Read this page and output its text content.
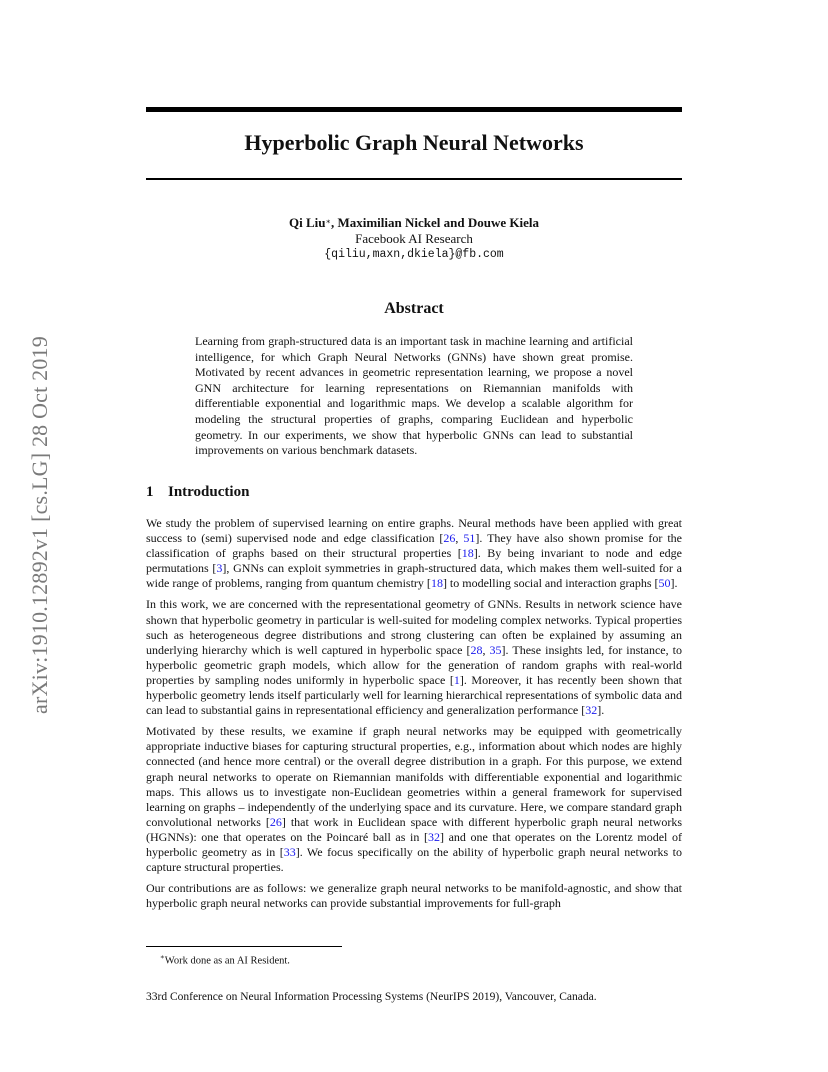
arXiv:1910.12892v1 [cs.LG] 28 Oct 2019
Hyperbolic Graph Neural Networks
Qi Liu∗, Maximilian Nickel and Douwe Kiela
Facebook AI Research
{qiliu,maxn,dkiela}@fb.com
Abstract
Learning from graph-structured data is an important task in machine learning and artificial intelligence, for which Graph Neural Networks (GNNs) have shown great promise. Motivated by recent advances in geometric representation learning, we propose a novel GNN architecture for learning representations on Riemannian manifolds with differentiable exponential and logarithmic maps. We develop a scalable algorithm for modeling the structural properties of graphs, comparing Euclidean and hyperbolic geometry. In our experiments, we show that hyperbolic GNNs can lead to substantial improvements on various benchmark datasets.
1 Introduction

We study the problem of supervised learning on entire graphs. Neural methods have been applied with great success to (semi) supervised node and edge classification [26, 51]. They have also shown promise for the classification of graphs based on their structural properties [18]. By being invariant to node and edge permutations [3], GNNs can exploit symmetries in graph-structured data, which makes them well-suited for a wide range of problems, ranging from quantum chemistry [18] to modelling social and interaction graphs [50].

In this work, we are concerned with the representational geometry of GNNs. Results in network science have shown that hyperbolic geometry in particular is well-suited for modeling complex networks. Typical properties such as heterogeneous degree distributions and strong clustering can often be explained by assuming an underlying hierarchy which is well captured in hyperbolic space [28, 35]. These insights led, for instance, to hyperbolic geometric graph models, which allow for the generation of random graphs with real-world properties by sampling nodes uniformly in hyperbolic space [1]. Moreover, it has recently been shown that hyperbolic geometry lends itself particularly well for learning hierarchical representations of symbolic data and can lead to substantial gains in representational efficiency and generalization performance [32].

Motivated by these results, we examine if graph neural networks may be equipped with geometrically appropriate inductive biases for capturing structural properties, e.g., information about which nodes are highly connected (and hence more central) or the overall degree distribution in a graph. For this purpose, we extend graph neural networks to operate on Riemannian manifolds with differentiable exponential and logarithmic maps. This allows us to investigate non-Euclidean geometries within a general framework for supervised learning on graphs – independently of the underlying space and its curvature. Here, we compare standard graph convolutional networks [26] that work in Euclidean space with different hyperbolic graph neural networks (HGNNs): one that operates on the Poincaré ball as in [32] and one that operates on the Lorentz model of hyperbolic geometry as in [33]. We focus specifically on the ability of hyperbolic graph neural networks to capture structural properties.

Our contributions are as follows: we generalize graph neural networks to be manifold-agnostic, and show that hyperbolic graph neural networks can provide substantial improvements for full-graph

∗Work done as an AI Resident.
33rd Conference on Neural Information Processing Systems (NeurIPS 2019), Vancouver, Canada.
